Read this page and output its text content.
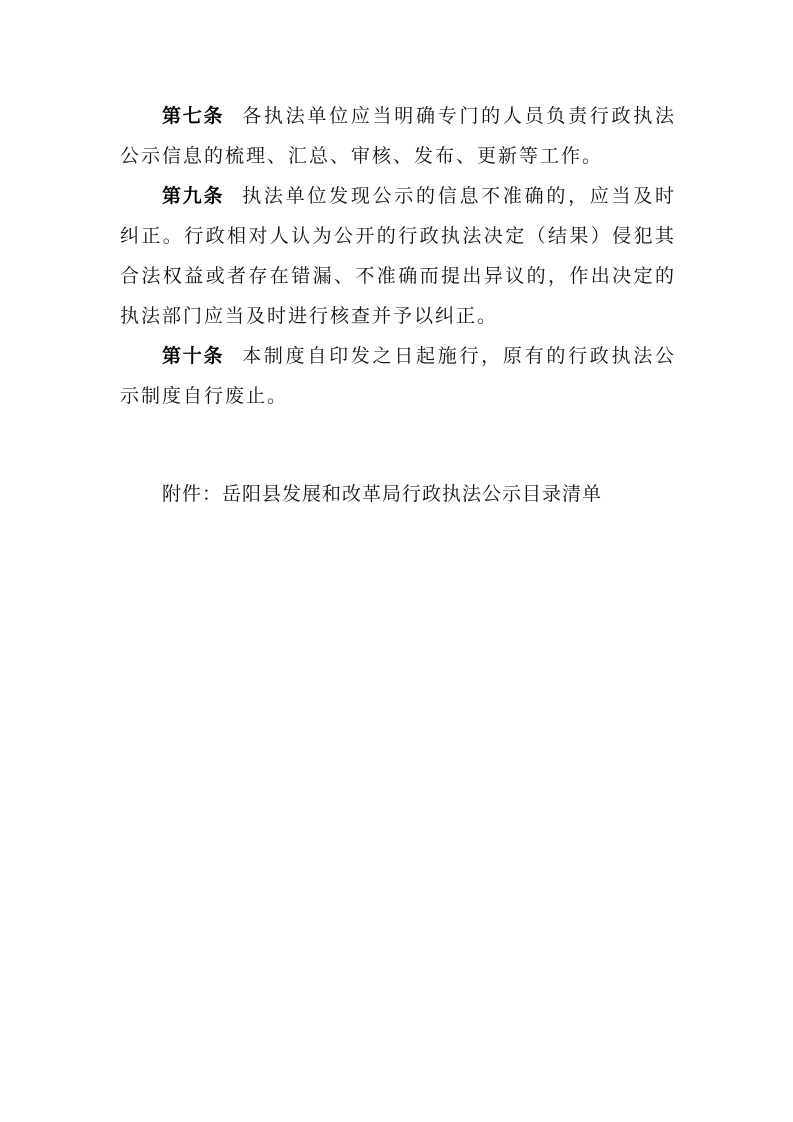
第七条 各执法单位应当明确专门的人员负责行政执法公示信息的梳理、汇总、审核、发布、更新等工作。

第九条 执法单位发现公示的信息不准确的，应当及时纠正。行政相对人认为公开的行政执法决定（结果）侵犯其合法权益或者存在错漏、不准确而提出异议的，作出决定的执法部门应当及时进行核查并予以纠正。

第十条 本制度自印发之日起施行，原有的行政执法公示制度自行废止。

附件：岳阳县发展和改革局行政执法公示目录清单
